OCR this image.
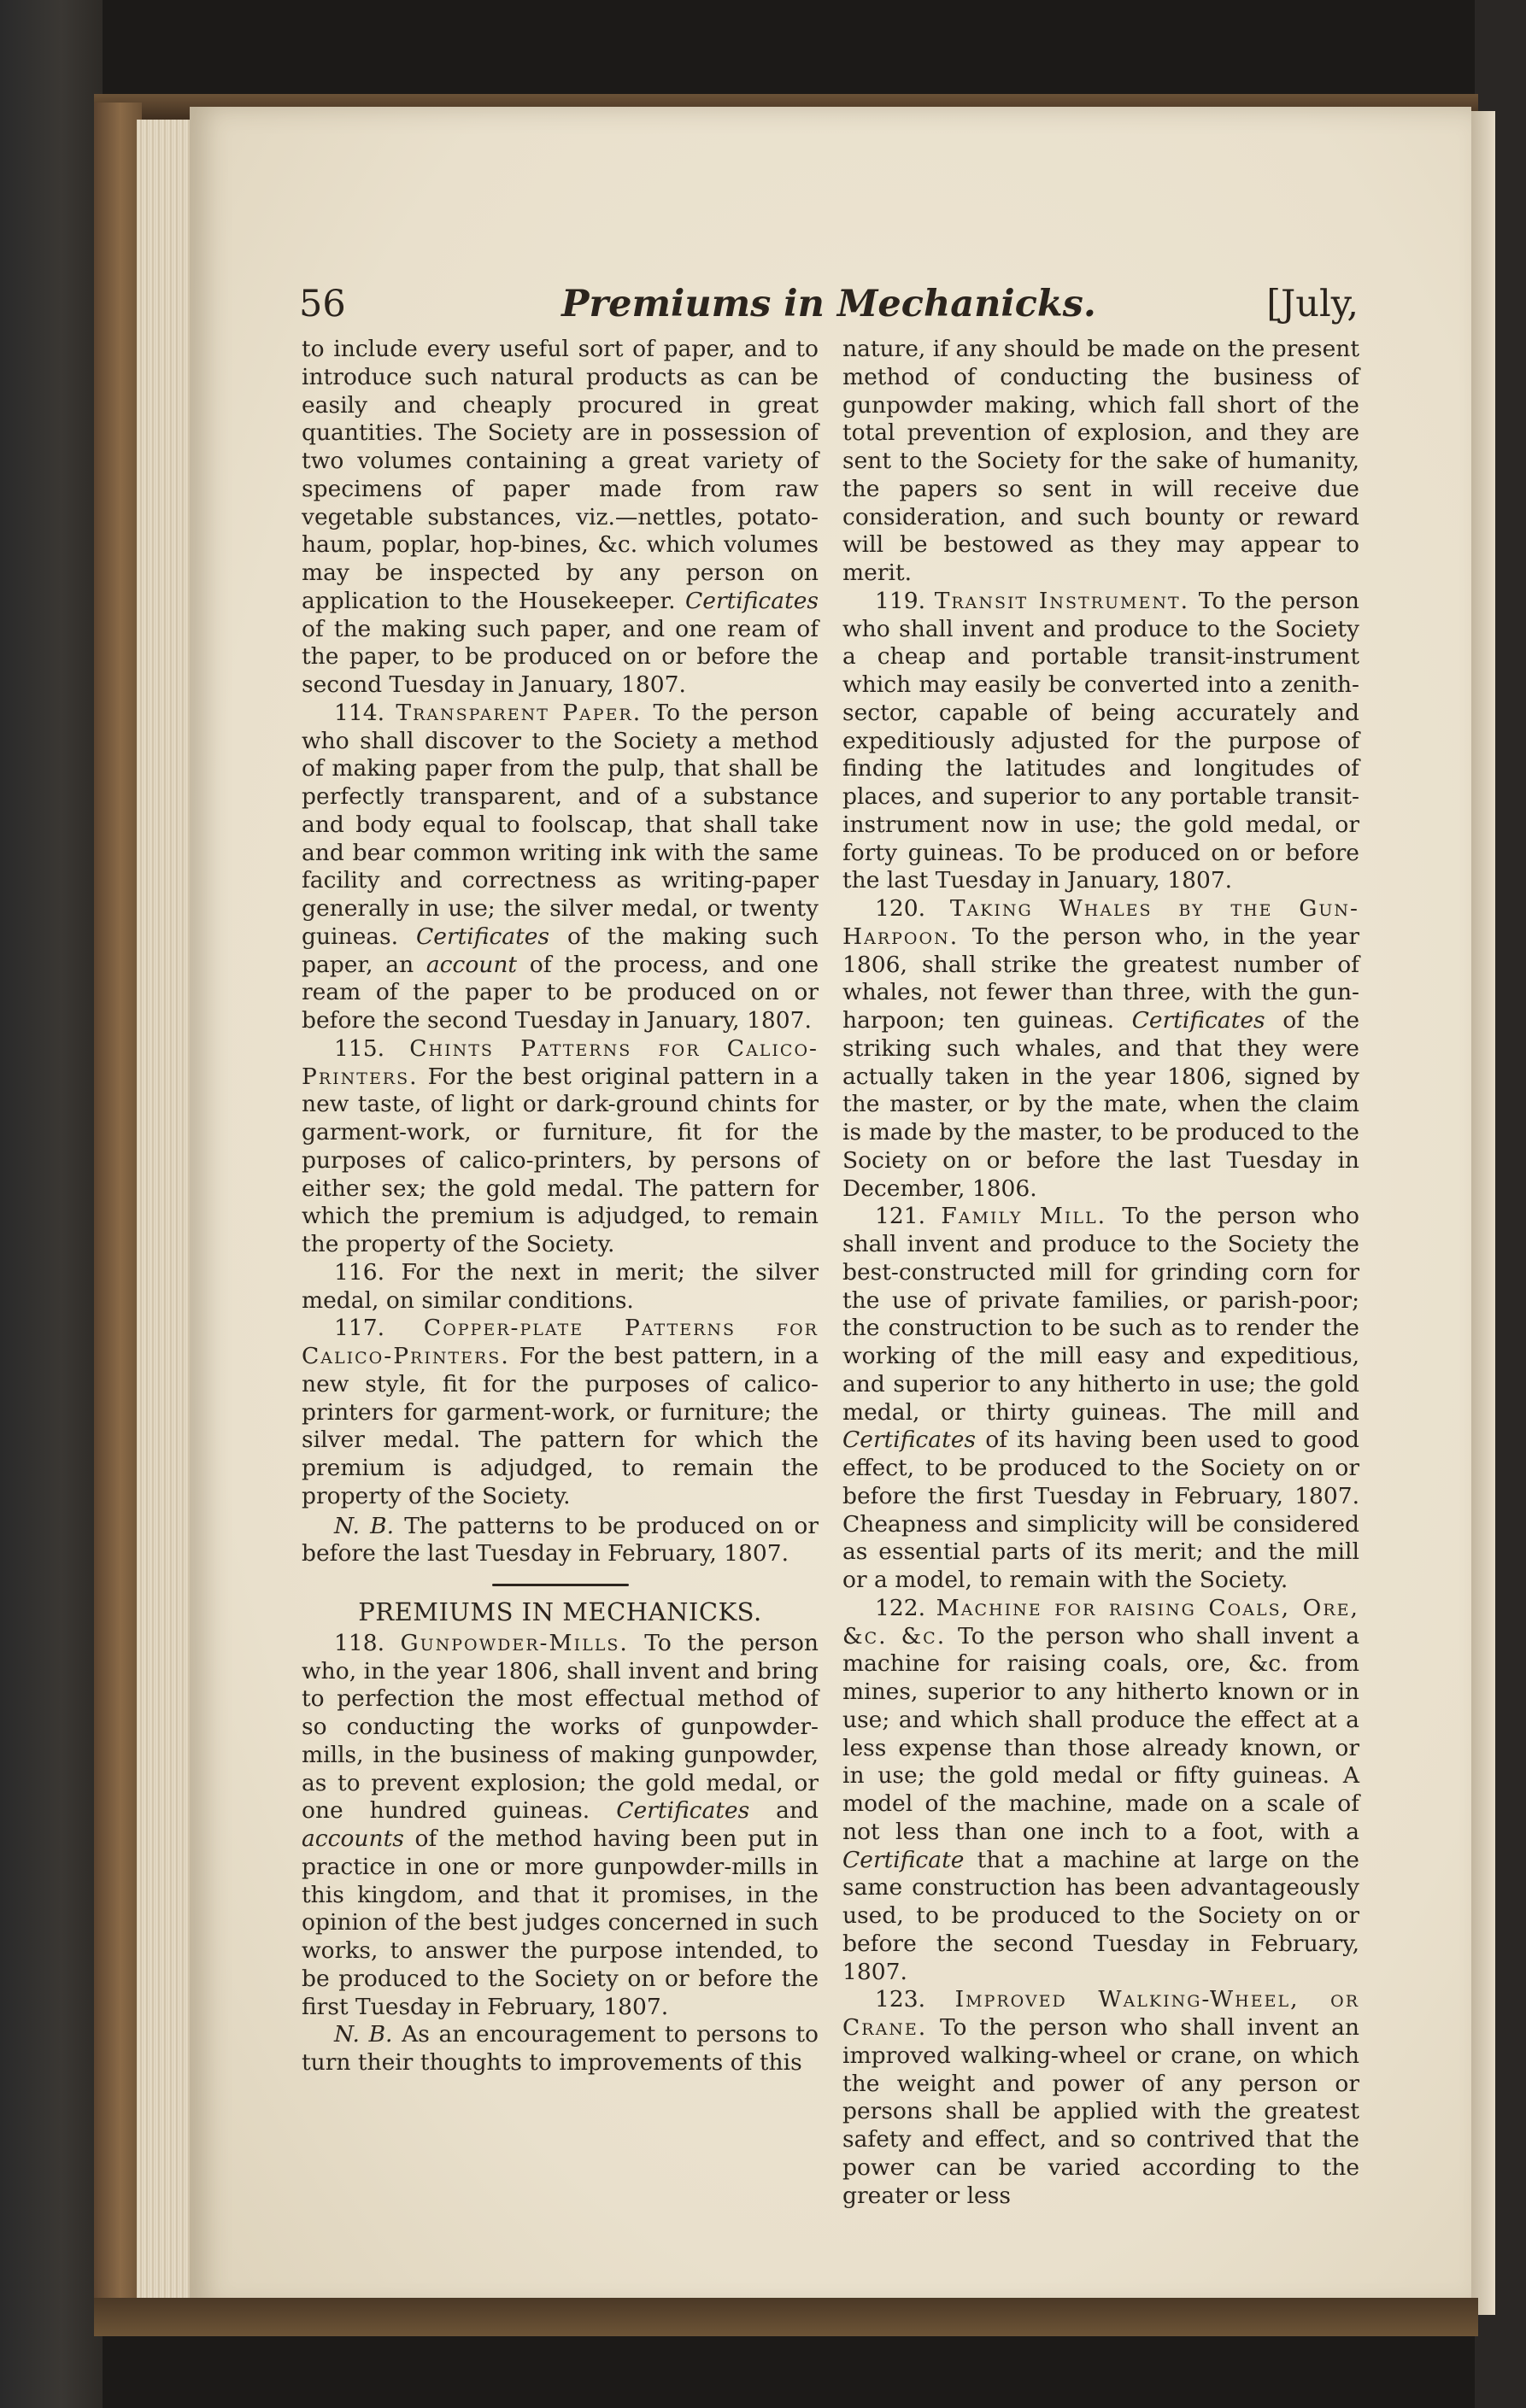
Premiums in Mechanicks.
56	[July,

to include every useful sort of paper, and to introduce such natural products as can be easily and cheaply procured in great quantities. The Society are in possession of two volumes containing a great variety of specimens of paper made from raw vegetable substances, viz.—nettles, potato-haum, poplar, hop-bines, &c. which volumes may be inspected by any person on application to the Housekeeper. Certificates of the making such paper, and one ream of the paper, to be produced on or before the second Tuesday in January, 1807.

114. Transparent Paper. To the person who shall discover to the Society a method of making paper from the pulp, that shall be perfectly transparent, and of a substance and body equal to foolscap, that shall take and bear common writing ink with the same facility and correctness as writing-paper generally in use; the silver medal, or twenty guineas. Certificates of the making such paper, an account of the process, and one ream of the paper to be produced on or before the second Tuesday in January, 1807.

115. Chints Patterns for Calico-Printers. For the best original pattern in a new taste, of light or dark-ground chints for garment-work, or furniture, fit for the purposes of calico-printers, by persons of either sex; the gold medal. The pattern for which the premium is adjudged, to remain the property of the Society.

116. For the next in merit; the silver medal, on similar conditions.

117. Copper-plate Patterns for Calico-Printers. For the best pattern, in a new style, fit for the purposes of calico-printers for garment-work, or furniture; the silver medal. The pattern for which the premium is adjudged, to remain the property of the Society.

N. B. The patterns to be produced on or before the last Tuesday in February, 1807.

PREMIUMS IN MECHANICKS.

118. Gunpowder-Mills. To the person who, in the year 1806, shall invent and bring to perfection the most effectual method of so conducting the works of gunpowder-mills, in the business of making gunpowder, as to prevent explosion; the gold medal, or one hundred guineas. Certificates and accounts of the method having been put in practice in one or more gunpowder-mills in this kingdom, and that it promises, in the opinion of the best judges concerned in such works, to answer the purpose intended, to be produced to the Society on or before the first Tuesday in February, 1807.

N. B. As an encouragement to persons to turn their thoughts to improvements of this

nature, if any should be made on the present method of conducting the business of gunpowder making, which fall short of the total prevention of explosion, and they are sent to the Society for the sake of humanity, the papers so sent in will receive due consideration, and such bounty or reward will be bestowed as they may appear to merit.

119. Transit Instrument. To the person who shall invent and produce to the Society a cheap and portable transit-instrument which may easily be converted into a zenith-sector, capable of being accurately and expeditiously adjusted for the purpose of finding the latitudes and longitudes of places, and superior to any portable transit-instrument now in use; the gold medal, or forty guineas. To be produced on or before the last Tuesday in January, 1807.

120. Taking Whales by the Gun-Harpoon. To the person who, in the year 1806, shall strike the greatest number of whales, not fewer than three, with the gun-harpoon; ten guineas. Certificates of the striking such whales, and that they were actually taken in the year 1806, signed by the master, or by the mate, when the claim is made by the master, to be produced to the Society on or before the last Tuesday in December, 1806.

121. Family Mill. To the person who shall invent and produce to the Society the best-constructed mill for grinding corn for the use of private families, or parish-poor; the construction to be such as to render the working of the mill easy and expeditious, and superior to any hitherto in use; the gold medal, or thirty guineas. The mill and Certificates of its having been used to good effect, to be produced to the Society on or before the first Tuesday in February, 1807. Cheapness and simplicity will be considered as essential parts of its merit; and the mill or a model, to remain with the Society.

122. Machine for raising Coals, Ore, &c. &c. To the person who shall invent a machine for raising coals, ore, &c. from mines, superior to any hitherto known or in use; and which shall produce the effect at a less expense than those already known, or in use; the gold medal or fifty guineas. A model of the machine, made on a scale of not less than one inch to a foot, with a Certificate that a machine at large on the same construction has been advantageously used, to be produced to the Society on or before the second Tuesday in February, 1807.

123. Improved Walking-Wheel, or Crane. To the person who shall invent an improved walking-wheel or crane, on which the weight and power of any person or persons shall be applied with the greatest safety and effect, and so contrived that the power can be varied according to the greater or less
